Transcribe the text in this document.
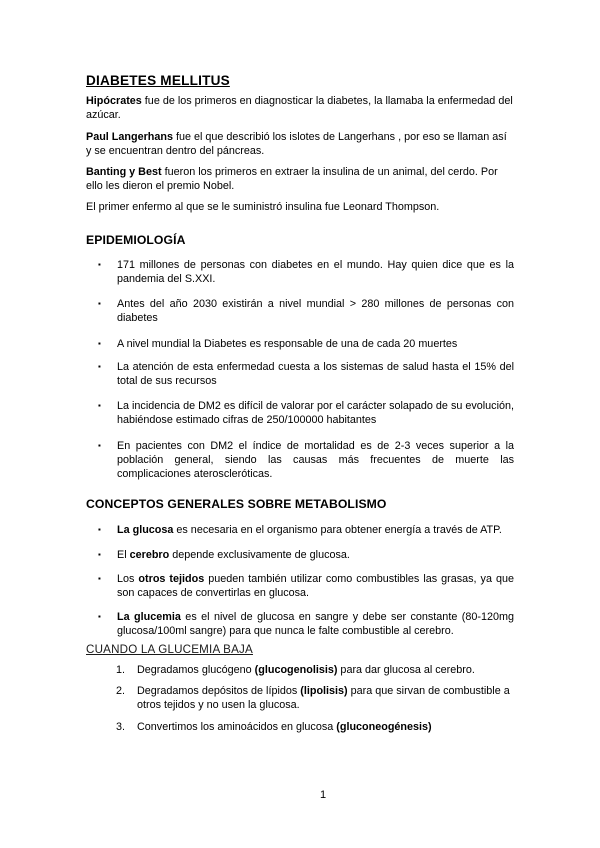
DIABETES MELLITUS

Hipócrates fue de los primeros en diagnosticar la diabetes, la llamaba la enfermedad del azúcar.

Paul Langerhans fue el que describió los islotes de Langerhans , por eso se llaman así y se encuentran dentro del páncreas.

Banting y Best fueron los primeros en extraer la insulina de un animal, del cerdo. Por ello les dieron el premio Nobel.

El primer enfermo al que se le suministró insulina fue Leonard Thompson.

EPIDEMIOLOGÍA
▪ 171 millones de personas con diabetes en el mundo. Hay quien dice que es la pandemia del S.XXI.
▪ Antes del año 2030 existirán a nivel mundial > 280 millones de personas con diabetes
▪ A nivel mundial la Diabetes es responsable de una de cada 20 muertes
▪ La atención de esta enfermedad cuesta a los sistemas de salud hasta el 15% del total de sus recursos
▪ La incidencia de DM2 es difícil de valorar por el carácter solapado de su evolución, habiéndose estimado cifras de 250/100000 habitantes
▪ En pacientes con DM2 el índice de mortalidad es de 2-3 veces superior a la población general, siendo las causas más frecuentes de muerte las complicaciones ateroscleróticas.
CONCEPTOS GENERALES SOBRE METABOLISMO
▪ La glucosa es necesaria en el organismo para obtener energía a través de ATP.
▪ El cerebro depende exclusivamente de glucosa.
▪ Los otros tejidos pueden también utilizar como combustibles las grasas, ya que son capaces de convertirlas en glucosa.
▪ La glucemia es el nivel de glucosa en sangre y debe ser constante (80-120mg glucosa/100ml sangre) para que nunca le falte combustible al cerebro.
CUANDO LA GLUCEMIA BAJA
1. Degradamos glucógeno (glucogenolisis) para dar glucosa al cerebro.
2. Degradamos depósitos de lípidos (lipolisis) para que sirvan de combustible a otros tejidos y no usen la glucosa.
3. Convertimos los aminoácidos en glucosa (gluconeogénesis)
1
